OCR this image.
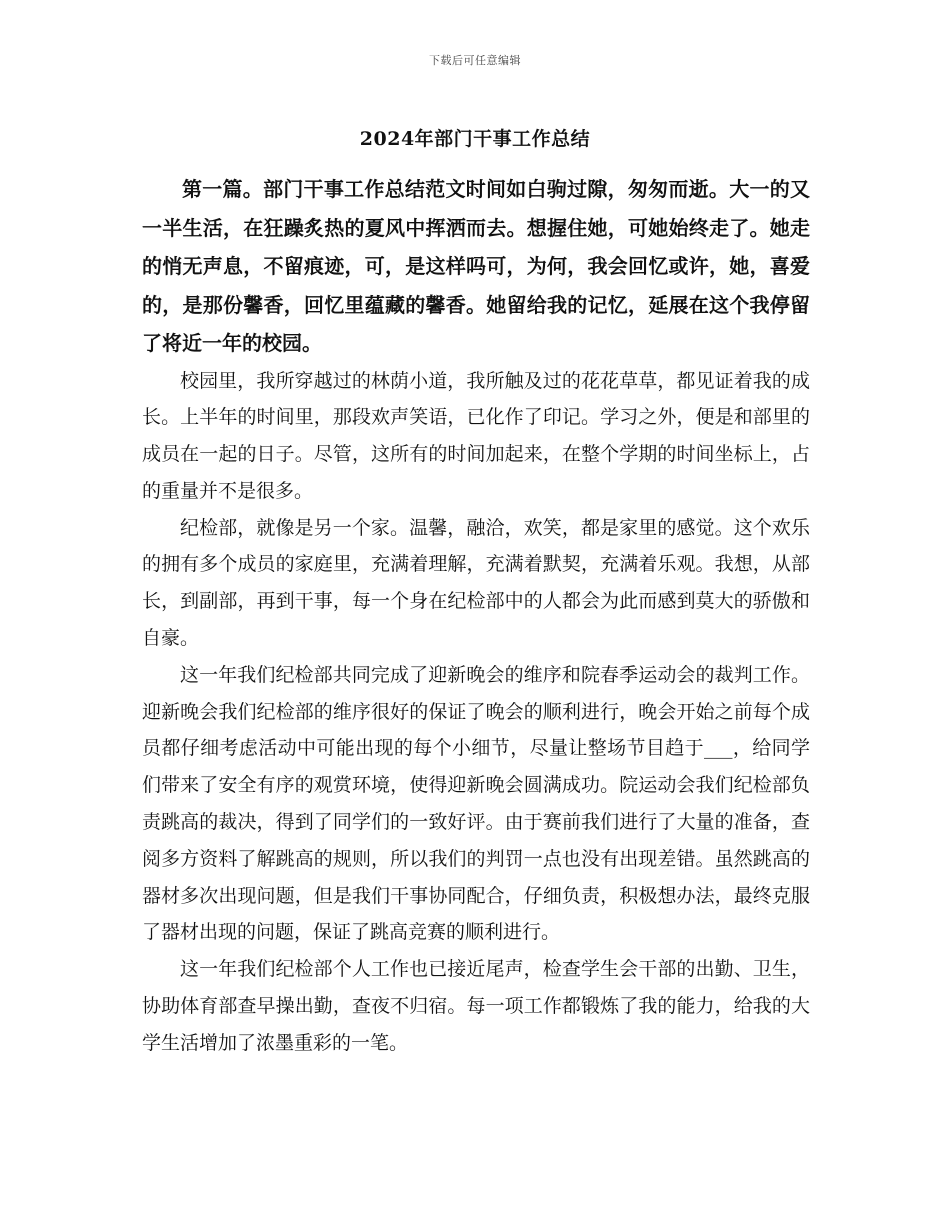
下载后可任意编辑
2024年部门干事工作总结

第一篇。部门干事工作总结范文时间如白驹过隙，匆匆而逝。大一的又一半生活，在狂躁炙热的夏风中挥洒而去。想握住她，可她始终走了。她走的悄无声息，不留痕迹，可，是这样吗可，为何，我会回忆或许，她，喜爱的，是那份馨香，回忆里蕴藏的馨香。她留给我的记忆，延展在这个我停留了将近一年的校园。

校园里，我所穿越过的林荫小道，我所触及过的花花草草，都见证着我的成长。上半年的时间里，那段欢声笑语，已化作了印记。学习之外，便是和部里的成员在一起的日子。尽管，这所有的时间加起来，在整个学期的时间坐标上，占的重量并不是很多。

纪检部，就像是另一个家。温馨，融洽，欢笑，都是家里的感觉。这个欢乐的拥有多个成员的家庭里，充满着理解，充满着默契，充满着乐观。我想，从部长，到副部，再到干事，每一个身在纪检部中的人都会为此而感到莫大的骄傲和自豪。

这一年我们纪检部共同完成了迎新晚会的维序和院春季运动会的裁判工作。迎新晚会我们纪检部的维序很好的保证了晚会的顺利进行，晚会开始之前每个成员都仔细考虑活动中可能出现的每个小细节，尽量让整场节目趋于___，给同学们带来了安全有序的观赏环境，使得迎新晚会圆满成功。院运动会我们纪检部负责跳高的裁决，得到了同学们的一致好评。由于赛前我们进行了大量的准备，查阅多方资料了解跳高的规则，所以我们的判罚一点也没有出现差错。虽然跳高的器材多次出现问题，但是我们干事协同配合，仔细负责，积极想办法，最终克服了器材出现的问题，保证了跳高竞赛的顺利进行。

这一年我们纪检部个人工作也已接近尾声，检查学生会干部的出勤、卫生，协助体育部查早操出勤，查夜不归宿。每一项工作都锻炼了我的能力，给我的大学生活增加了浓墨重彩的一笔。
